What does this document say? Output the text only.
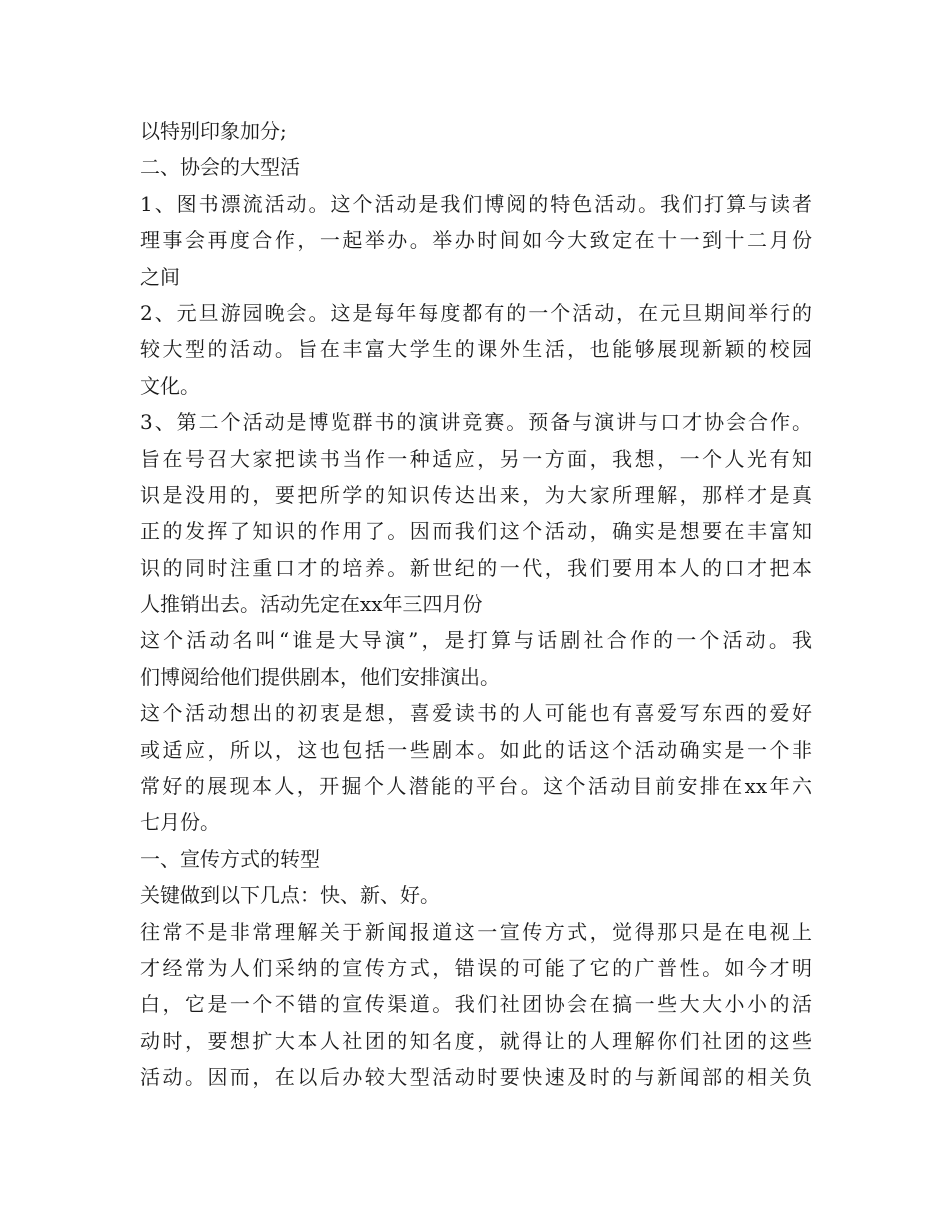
以特别印象加分;
二、协会的大型活
1、图书漂流活动。这个活动是我们博阅的特色活动。我们打算与读者
理事会再度合作，一起举办。举办时间如今大致定在十一到十二月份
之间
2、元旦游园晚会。这是每年每度都有的一个活动，在元旦期间举行的
较大型的活动。旨在丰富大学生的课外生活，也能够展现新颖的校园
文化。
3、第二个活动是博览群书的演讲竞赛。预备与演讲与口才协会合作。
旨在号召大家把读书当作一种适应，另一方面，我想，一个人光有知
识是没用的，要把所学的知识传达出来，为大家所理解，那样才是真
正的发挥了知识的作用了。因而我们这个活动，确实是想要在丰富知
识的同时注重口才的培养。新世纪的一代，我们要用本人的口才把本
人推销出去。活动先定在xx年三四月份
这个活动名叫“谁是大导演”，是打算与话剧社合作的一个活动。我
们博阅给他们提供剧本，他们安排演出。
这个活动想出的初衷是想，喜爱读书的人可能也有喜爱写东西的爱好
或适应，所以，这也包括一些剧本。如此的话这个活动确实是一个非
常好的展现本人，开掘个人潜能的平台。这个活动目前安排在xx年六
七月份。
一、宣传方式的转型
关键做到以下几点：快、新、好。
往常不是非常理解关于新闻报道这一宣传方式，觉得那只是在电视上
才经常为人们采纳的宣传方式，错误的可能了它的广普性。如今才明
白，它是一个不错的宣传渠道。我们社团协会在搞一些大大小小的活
动时，要想扩大本人社团的知名度，就得让的人理解你们社团的这些
活动。因而，在以后办较大型活动时要快速及时的与新闻部的相关负
